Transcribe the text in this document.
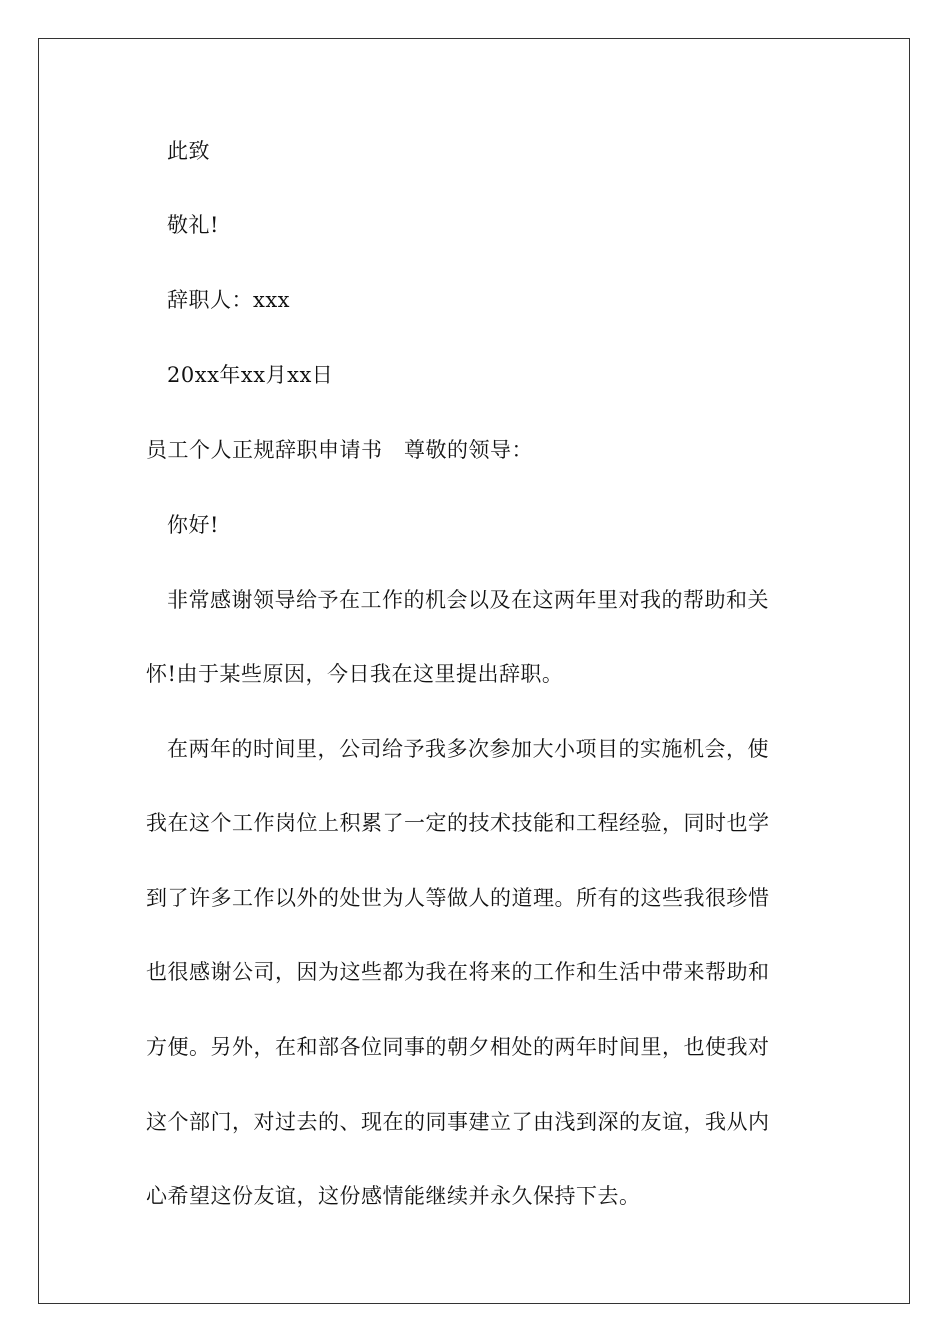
此致
敬礼!
辞职人：xxx
20xx年xx月xx日
员工个人正规辞职申请书　尊敬的领导：
你好!
非常感谢领导给予在工作的机会以及在这两年里对我的帮助和关
怀!由于某些原因，今日我在这里提出辞职。
在两年的时间里，公司给予我多次参加大小项目的实施机会，使
我在这个工作岗位上积累了一定的技术技能和工程经验，同时也学
到了许多工作以外的处世为人等做人的道理。所有的这些我很珍惜
也很感谢公司，因为这些都为我在将来的工作和生活中带来帮助和
方便。另外，在和部各位同事的朝夕相处的两年时间里，也使我对
这个部门，对过去的、现在的同事建立了由浅到深的友谊，我从内
心希望这份友谊，这份感情能继续并永久保持下去。
